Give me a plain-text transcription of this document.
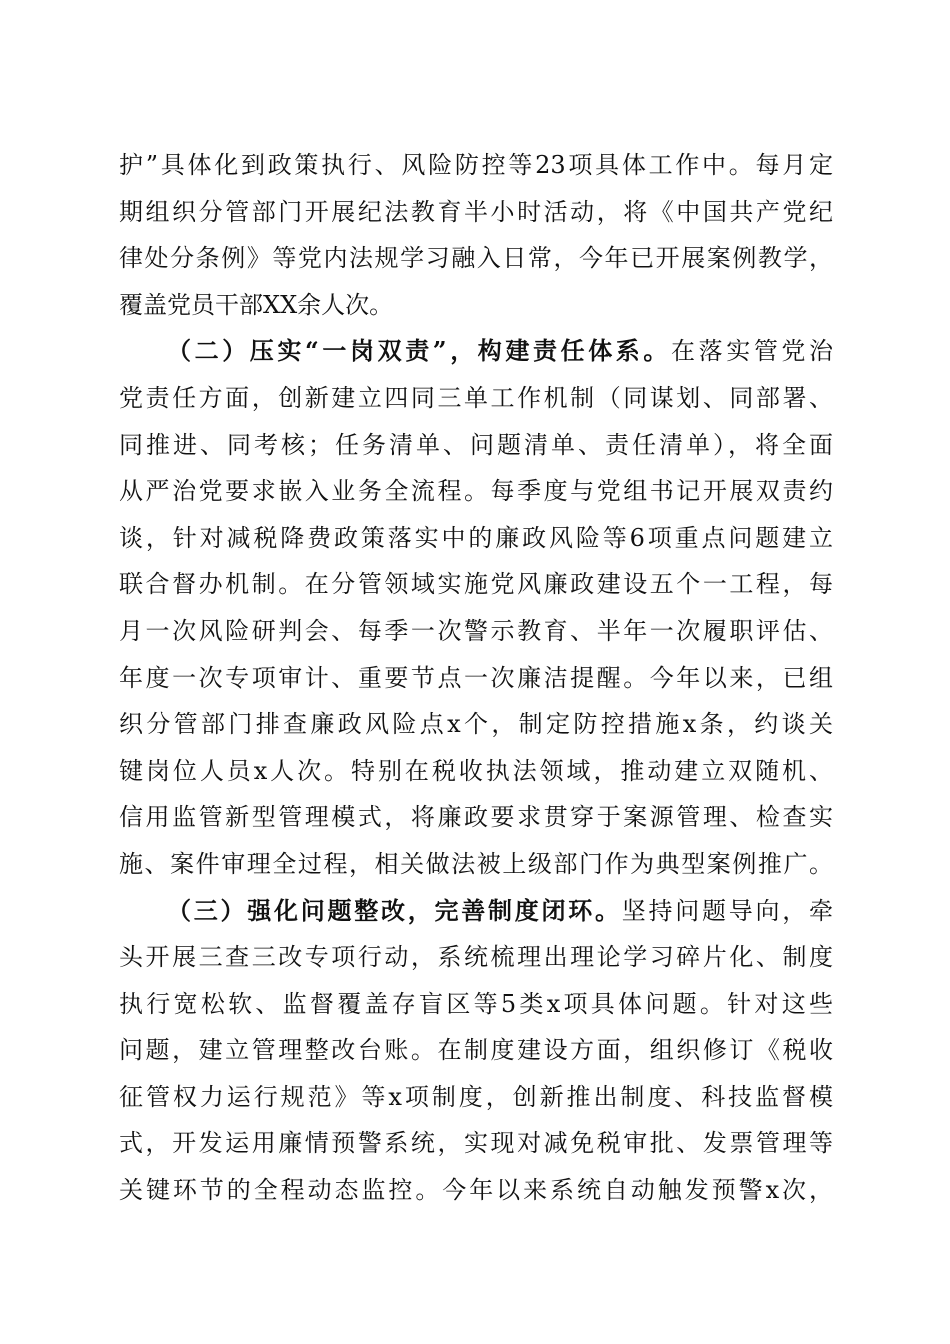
护”具体化到政策执行、风险防控等23项具体工作中。每月定
期组织分管部门开展纪法教育半小时活动，将《中国共产党纪
律处分条例》等党内法规学习融入日常，今年已开展案例教学，
覆盖党员干部XX余人次。
（二）压实“一岗双责”，构建责任体系。在落实管党治
党责任方面，创新建立四同三单工作机制（同谋划、同部署、
同推进、同考核；任务清单、问题清单、责任清单），将全面
从严治党要求嵌入业务全流程。每季度与党组书记开展双责约
谈，针对减税降费政策落实中的廉政风险等6项重点问题建立
联合督办机制。在分管领域实施党风廉政建设五个一工程，每
月一次风险研判会、每季一次警示教育、半年一次履职评估、
年度一次专项审计、重要节点一次廉洁提醒。今年以来，已组
织分管部门排查廉政风险点x个，制定防控措施x条，约谈关
键岗位人员x人次。特别在税收执法领域，推动建立双随机、
信用监管新型管理模式，将廉政要求贯穿于案源管理、检查实
施、案件审理全过程，相关做法被上级部门作为典型案例推广。
（三）强化问题整改，完善制度闭环。坚持问题导向，牵
头开展三查三改专项行动，系统梳理出理论学习碎片化、制度
执行宽松软、监督覆盖存盲区等5类x项具体问题。针对这些
问题，建立管理整改台账。在制度建设方面，组织修订《税收
征管权力运行规范》等x项制度，创新推出制度、科技监督模
式，开发运用廉情预警系统，实现对减免税审批、发票管理等
关键环节的全程动态监控。今年以来系统自动触发预警x次，
